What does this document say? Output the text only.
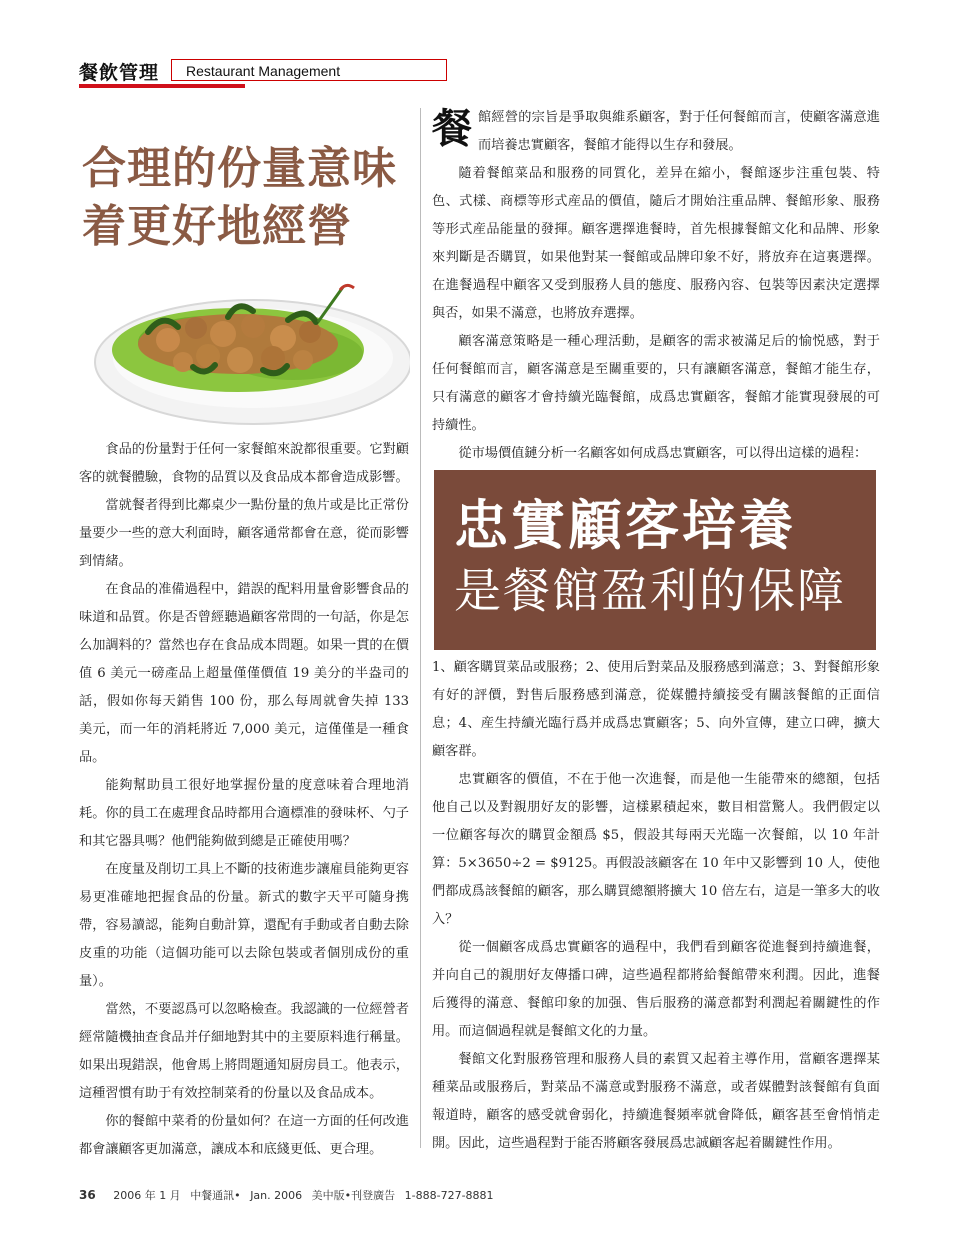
餐飲管理	Restaurant Management
合理的份量意味
着更好地經營

食品的份量對于任何一家餐館來說都很重要。它對顧客的就餐體驗，食物的品質以及食品成本都會造成影響。

當就餐者得到比鄰桌少一點份量的魚片或是比正常份量要少一些的意大利面時，顧客通常都會在意，從而影響到情緒。

在食品的准備過程中，錯誤的配料用量會影響食品的味道和品質。你是否曾經聽過顧客常問的一句話，你是怎么加調料的？當然也存在食品成本問題。如果一貫的在價值 6 美元一磅產品上超量僅僅價值 19 美分的半盎司的話，假如你每天銷售 100 份，那么每周就會失掉 133 美元，而一年的消耗將近 7,000 美元，這僅僅是一種食品。

能夠幫助員工很好地掌握份量的度意味着合理地消耗。你的員工在處理食品時都用合適標准的發味杯、勺子和其它器具嗎？他們能夠做到總是正確使用嗎？

在度量及削切工具上不斷的技術進步讓雇員能夠更容易更准確地把握食品的份量。新式的數字天平可隨身携帶，容易讀認，能夠自動計算，還配有手動或者自動去除皮重的功能（這個功能可以去除包裝或者個別成份的重量）。

當然，不要認爲可以忽略檢查。我認識的一位經營者經常隨機抽查食品并仔細地對其中的主要原料進行稱量。如果出現錯誤，他會馬上將問題通知厨房員工。他表示，這種習慣有助于有效控制菜肴的份量以及食品成本。

你的餐館中菜肴的份量如何？在這一方面的任何改進都會讓顧客更加滿意，讓成本和底綫更低、更合理。

餐館經營的宗旨是爭取與維系顧客，對于任何餐館而言，使顧客滿意進而培養忠實顧客，餐館才能得以生存和發展。

隨着餐館菜品和服務的同質化，差异在縮小，餐館逐步注重包裝、特色、式樣、商標等形式産品的價值，隨后才開始注重品牌、餐館形象、服務等形式産品能量的發揮。顧客選擇進餐時，首先根據餐館文化和品牌、形象來判斷是否購買，如果他對某一餐館或品牌印象不好，將放弃在這裏選擇。在進餐過程中顧客又受到服務人員的態度、服務內容、包裝等因素決定選擇與否，如果不滿意，也將放弃選擇。

顧客滿意策略是一種心理活動，是顧客的需求被滿足后的愉悦感，對于任何餐館而言，顧客滿意是至關重要的，只有讓顧客滿意，餐館才能生存，只有滿意的顧客才會持續光臨餐館，成爲忠實顧客，餐館才能實現發展的可持續性。

從市場價值鏈分析一名顧客如何成爲忠實顧客，可以得出這樣的過程：

忠實顧客培養
是餐館盈利的保障

1、顧客購買菜品或服務；2、使用后對菜品及服務感到滿意；3、對餐館形象有好的評價，對售后服務感到滿意，從媒體持續接受有關該餐館的正面信息；4、産生持續光臨行爲并成爲忠實顧客；5、向外宣傳，建立口碑，擴大顧客群。

忠實顧客的價值，不在于他一次進餐，而是他一生能帶來的總額，包括他自己以及對親朋好友的影響，這樣累積起來，數目相當驚人。我們假定以一位顧客每次的購買金額爲 $5，假設其每兩天光臨一次餐館，以 10 年計算：5×3650÷2 = $9125。再假設該顧客在 10 年中又影響到 10 人，使他們都成爲該餐館的顧客，那么購買總額將擴大 10 倍左右，這是一筆多大的收入？

從一個顧客成爲忠實顧客的過程中，我們看到顧客從進餐到持續進餐，并向自己的親朋好友傳播口碑，這些過程都將給餐館帶來利潤。因此，進餐后獲得的滿意、餐館印象的加强、售后服務的滿意都對利潤起着關鍵性的作用。而這個過程就是餐館文化的力量。

餐館文化對服務管理和服務人員的素質又起着主導作用，當顧客選擇某種菜品或服務后，對菜品不滿意或對服務不滿意，或者媒體對該餐館有負面報道時，顧客的感受就會弱化，持續進餐頻率就會降低，顧客甚至會悄悄走開。因此，這些過程對于能否將顧客發展爲忠誠顧客起着關鍵性作用。

36 2006 年 1 月 中餐通訊• Jan. 2006 美中版•刊登廣告 1-888-727-8881
